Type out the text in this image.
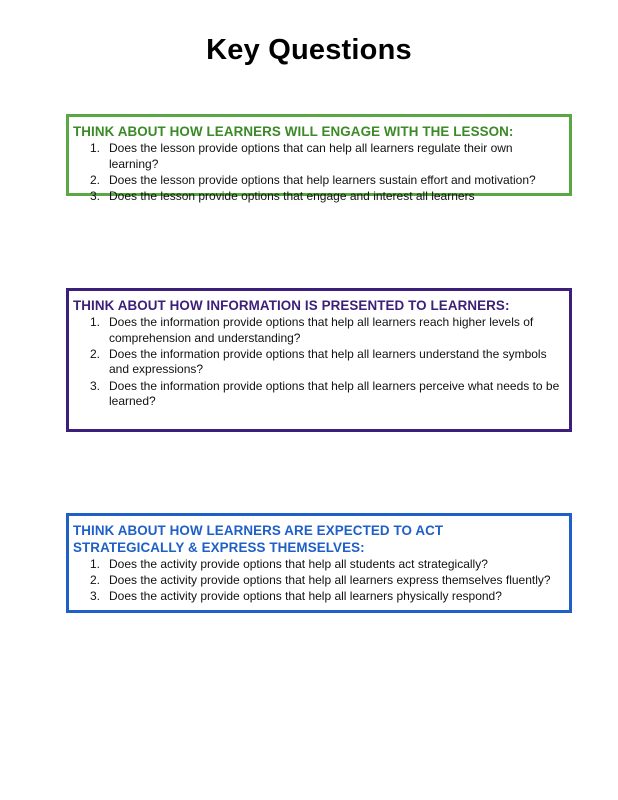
Key Questions
THINK ABOUT HOW LEARNERS WILL ENGAGE WITH THE LESSON:
1. Does the lesson provide options that can help all learners regulate their own learning?
2. Does the lesson provide options that help learners sustain effort and motivation?
3. Does the lesson provide options that engage and interest all learners
THINK ABOUT HOW INFORMATION IS PRESENTED TO LEARNERS:
1. Does the information provide options that help all learners reach higher levels of comprehension and understanding?
2. Does the information provide options that help all learners understand the symbols and expressions?
3. Does the information provide options that help all learners perceive what needs to be learned?
THINK ABOUT HOW LEARNERS ARE EXPECTED TO ACT STRATEGICALLY & EXPRESS THEMSELVES:
1. Does the activity provide options that help all students act strategically?
2. Does the activity provide options that help all learners express themselves fluently?
3. Does the activity provide options that help all learners physically respond?
